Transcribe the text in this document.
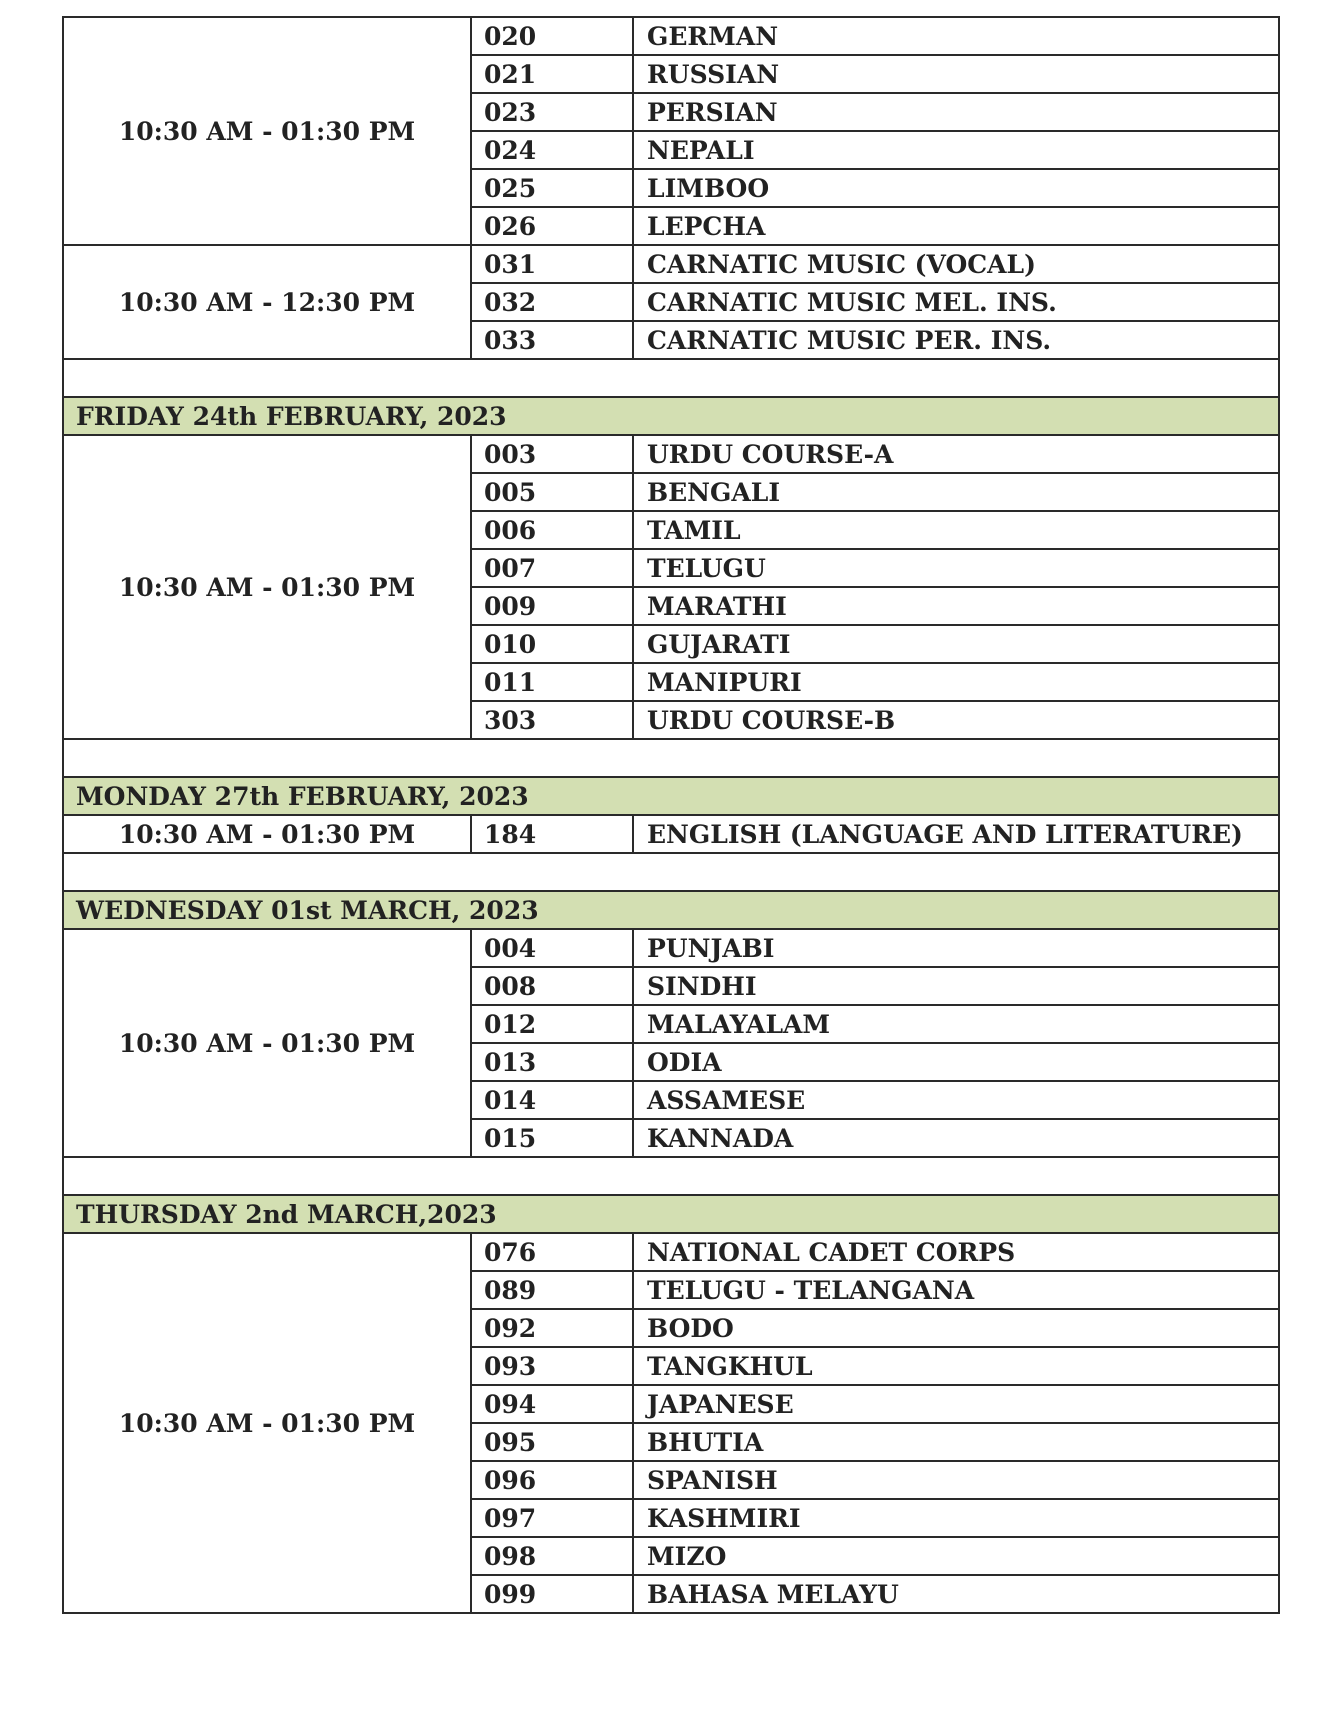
10:30 AM - 01:30 PM	020	GERMAN
	021	RUSSIAN
	023	PERSIAN
	024	NEPALI
	025	LIMBOO
	026	LEPCHA
10:30 AM - 12:30 PM	031	CARNATIC MUSIC (VOCAL)
	032	CARNATIC MUSIC MEL. INS.
	033	CARNATIC MUSIC PER. INS.

FRIDAY 24th FEBRUARY, 2023		
10:30 AM - 01:30 PM	003	URDU COURSE-A
	005	BENGALI
	006	TAMIL
	007	TELUGU
	009	MARATHI
	010	GUJARATI
	011	MANIPURI
	303	URDU COURSE-B

MONDAY 27th FEBRUARY, 2023		
10:30 AM - 01:30 PM	184	ENGLISH (LANGUAGE AND LITERATURE)

WEDNESDAY 01st MARCH, 2023		
10:30 AM - 01:30 PM	004	PUNJABI
	008	SINDHI
	012	MALAYALAM
	013	ODIA
	014	ASSAMESE
	015	KANNADA

THURSDAY 2nd MARCH,2023		
10:30 AM - 01:30 PM	076	NATIONAL CADET CORPS
	089	TELUGU - TELANGANA
	092	BODO
	093	TANGKHUL
	094	JAPANESE
	095	BHUTIA
	096	SPANISH
	097	KASHMIRI
	098	MIZO
	099	BAHASA MELAYU
